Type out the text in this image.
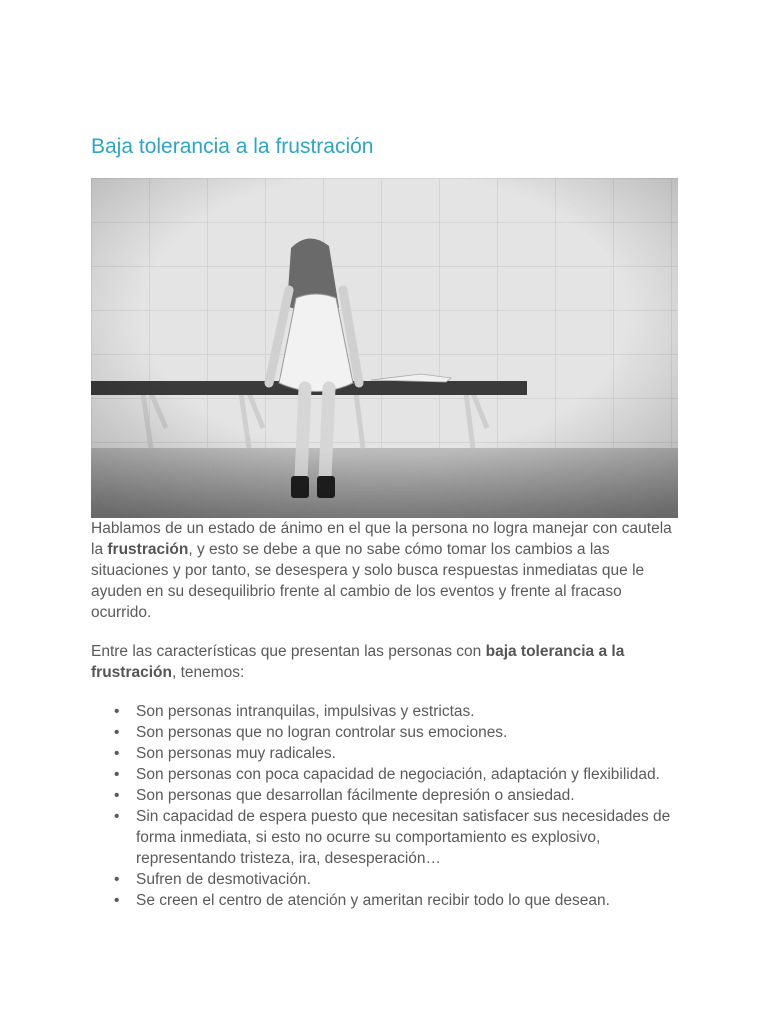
Baja tolerancia a la frustración

Hablamos de un estado de ánimo en el que la persona no logra manejar con cautela la frustración, y esto se debe a que no sabe cómo tomar los cambios a las situaciones y por tanto, se desespera y solo busca respuestas inmediatas que le ayuden en su desequilibrio frente al cambio de los eventos y frente al fracaso ocurrido.

Entre las características que presentan las personas con baja tolerancia a la frustración, tenemos:

• Son personas intranquilas, impulsivas y estrictas.
• Son personas que no logran controlar sus emociones.
• Son personas muy radicales.
• Son personas con poca capacidad de negociación, adaptación y flexibilidad.
• Son personas que desarrollan fácilmente depresión o ansiedad.
• Sin capacidad de espera puesto que necesitan satisfacer sus necesidades de forma inmediata, si esto no ocurre su comportamiento es explosivo, representando tristeza, ira, desesperación…
• Sufren de desmotivación.
• Se creen el centro de atención y ameritan recibir todo lo que desean.
